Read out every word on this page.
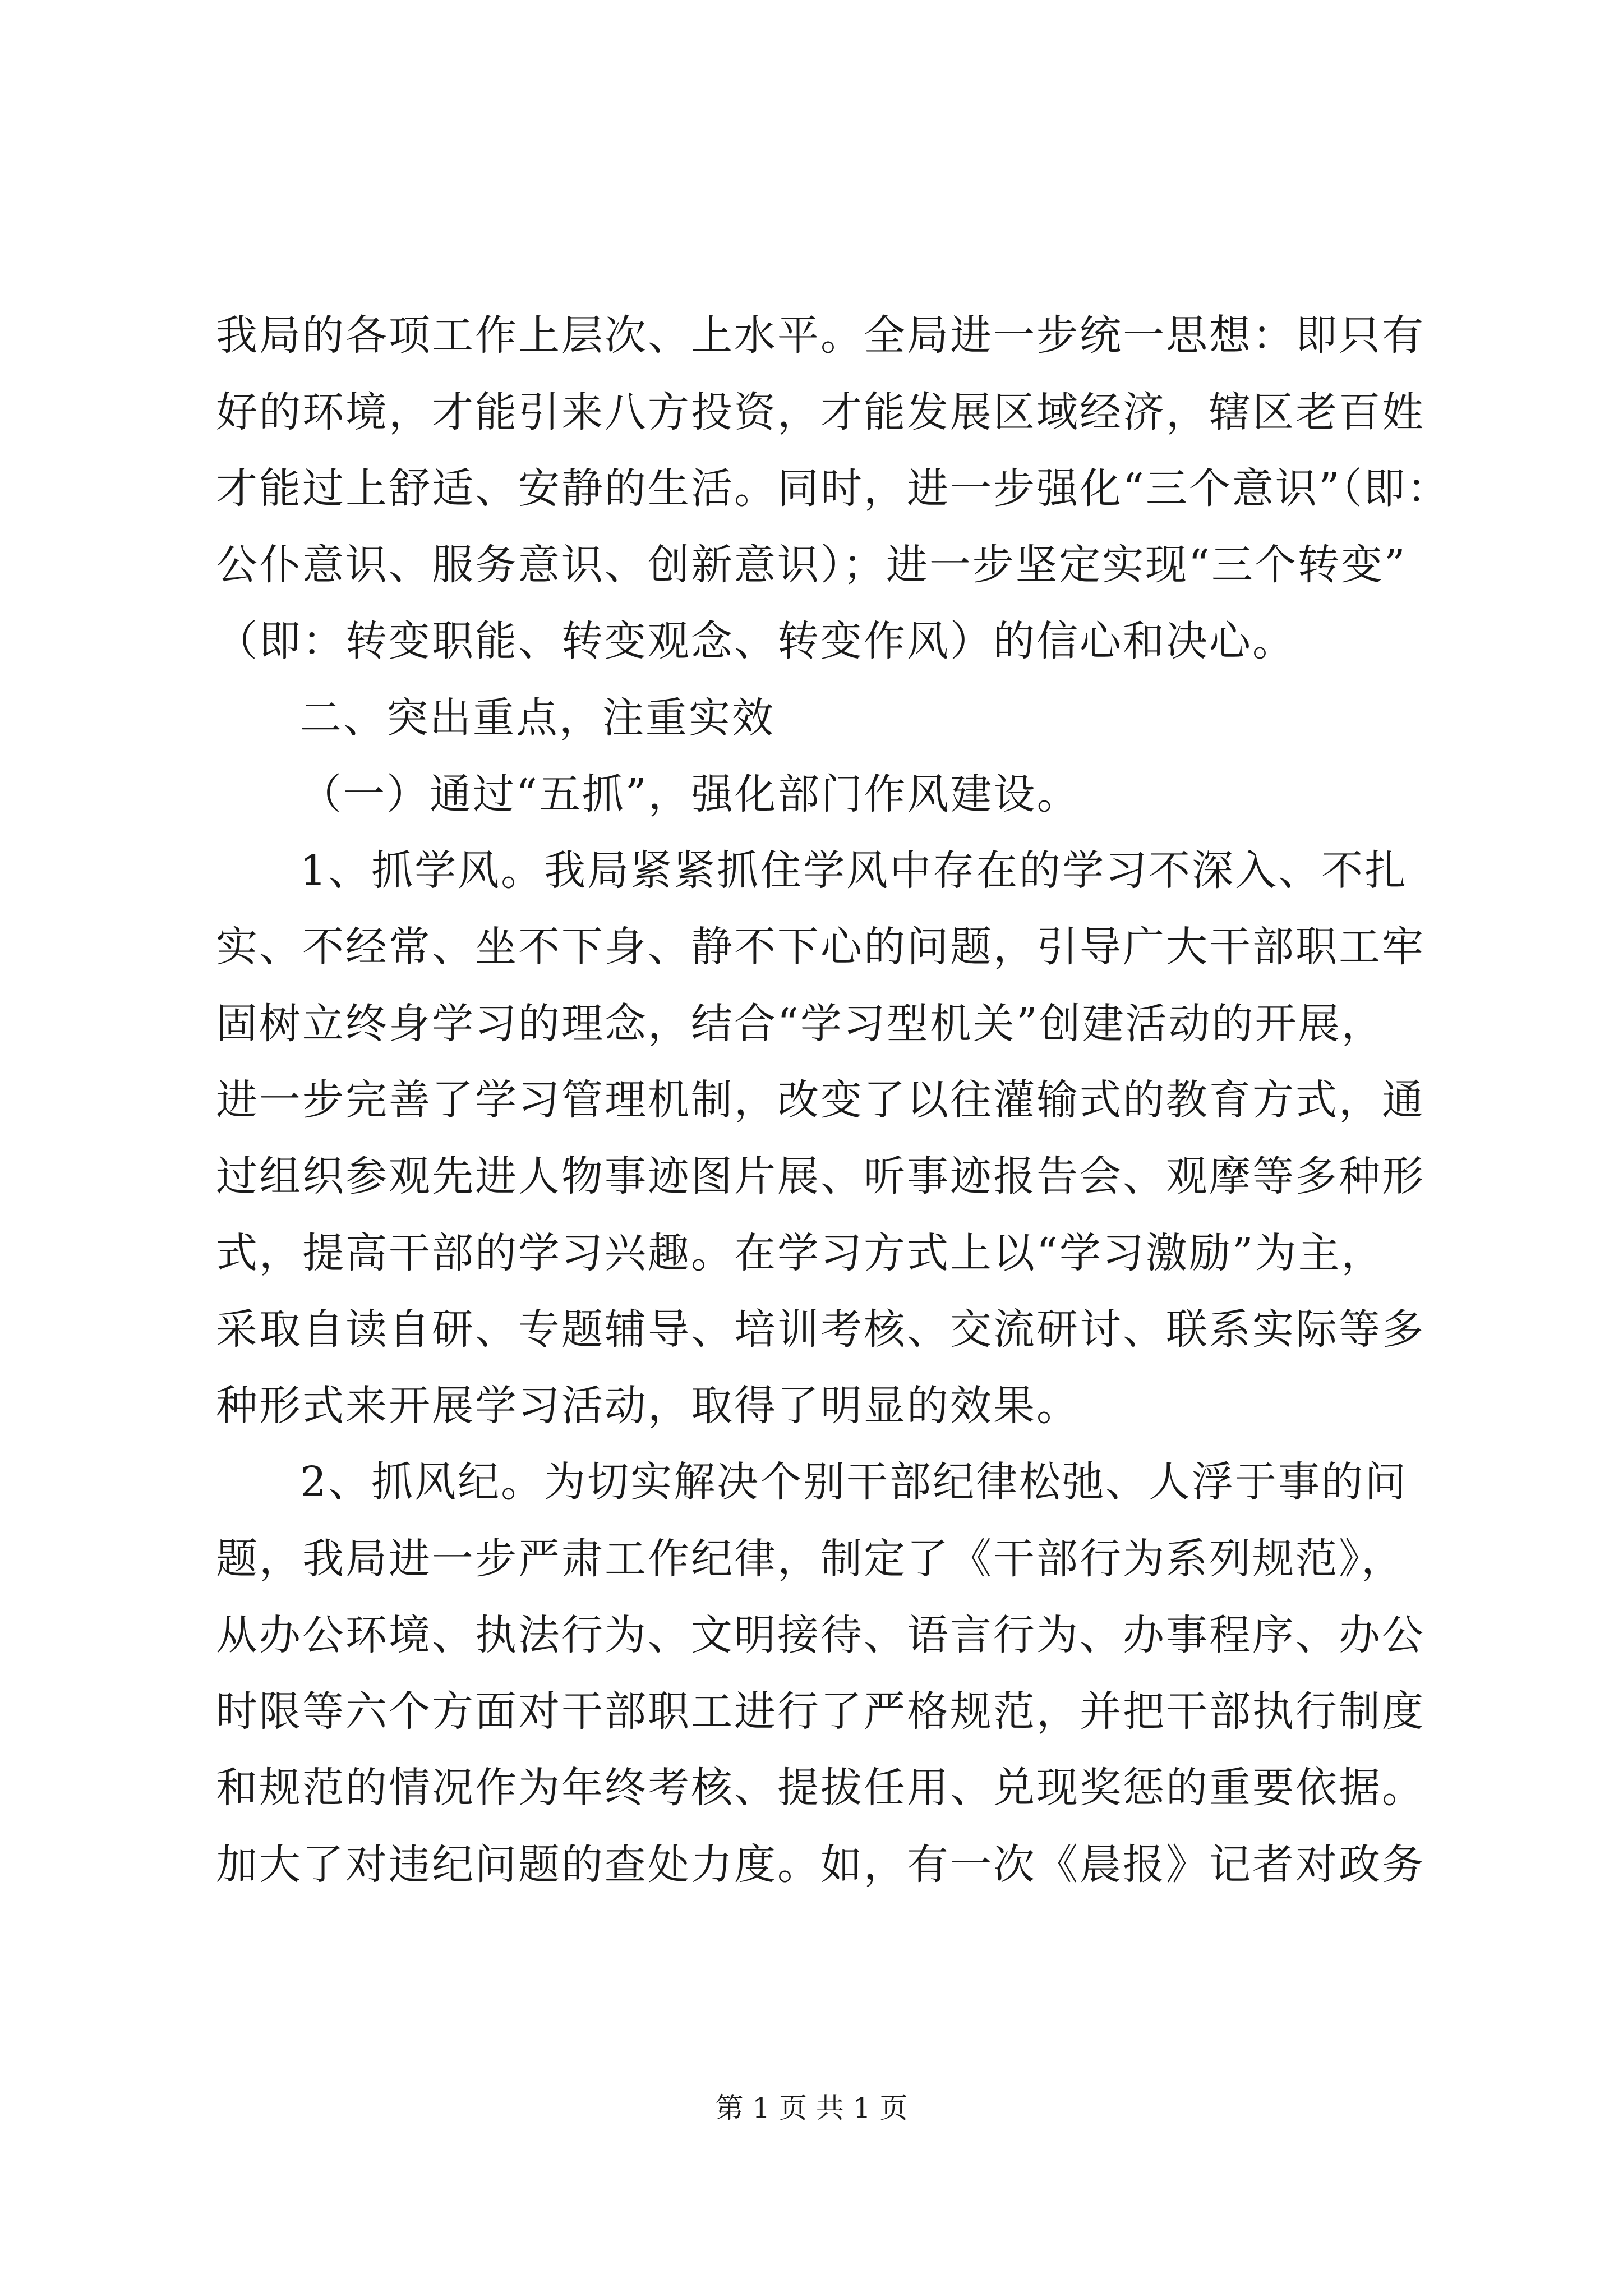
我局的各项工作上层次、上水平。全局进一步统一思想：即只有
好的环境，才能引来八方投资，才能发展区域经济，辖区老百姓
才能过上舒适、安静的生活。同时，进一步强化“三个意识”（即：
公仆意识、服务意识、创新意识）；进一步坚定实现“三个转变”
（即：转变职能、转变观念、转变作风）的信心和决心。
二、突出重点，注重实效
（一）通过“五抓”，强化部门作风建设。
1、抓学风。我局紧紧抓住学风中存在的学习不深入、不扎
实、不经常、坐不下身、静不下心的问题，引导广大干部职工牢
固树立终身学习的理念，结合“学习型机关”创建活动的开展，
进一步完善了学习管理机制，改变了以往灌输式的教育方式，通
过组织参观先进人物事迹图片展、听事迹报告会、观摩等多种形
式，提高干部的学习兴趣。在学习方式上以“学习激励”为主，
采取自读自研、专题辅导、培训考核、交流研讨、联系实际等多
种形式来开展学习活动，取得了明显的效果。
2、抓风纪。为切实解决个别干部纪律松弛、人浮于事的问
题，我局进一步严肃工作纪律，制定了《干部行为系列规范》，
从办公环境、执法行为、文明接待、语言行为、办事程序、办公
时限等六个方面对干部职工进行了严格规范，并把干部执行制度
和规范的情况作为年终考核、提拔任用、兑现奖惩的重要依据。
加大了对违纪问题的查处力度。如，有一次《晨报》记者对政务
第 1 页 共 1 页
